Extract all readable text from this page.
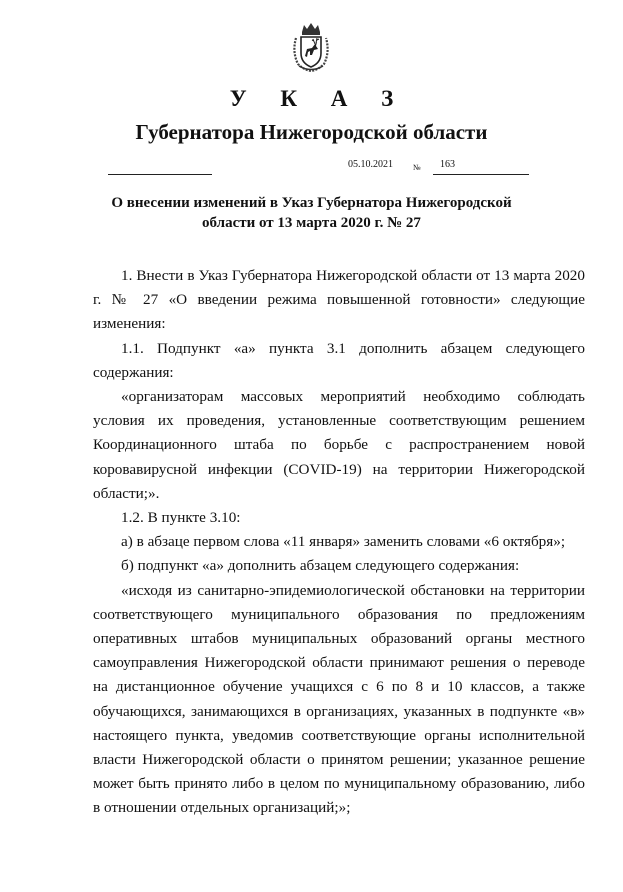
У К А З
Губернатора Нижегородской области
05.10.2021	№ 163
О внесении изменений в Указ Губернатора Нижегородской
области от 13 марта 2020 г. № 27

1. Внести в Указ Губернатора Нижегородской области от 13 марта 2020 г. № 27 «О введении режима повышенной готовности» следующие изменения:

1.1. Подпункт «а» пункта 3.1 дополнить абзацем следующего содержания:

«организаторам массовых мероприятий необходимо соблюдать условия их проведения, установленные соответствующим решением Координационного штаба по борьбе с распространением новой коровавирусной инфекции (COVID-19) на территории Нижегородской области;».

1.2. В пункте 3.10:

а) в абзаце первом слова «11 января» заменить словами «6 октября»;

б) подпункт «а» дополнить абзацем следующего содержания:

«исходя из санитарно-эпидемиологической обстановки на территории соответствующего муниципального образования по предложениям оперативных штабов муниципальных образований органы местного самоуправления Нижегородской области принимают решения о переводе на дистанционное обучение учащихся с 6 по 8 и 10 классов, а также обучающихся, занимающихся в организациях, указанных в подпункте «в» настоящего пункта, уведомив соответствующие органы исполнительной власти Нижегородской области о принятом решении; указанное решение может быть принято либо в целом по муниципальному образованию, либо в отношении отдельных организаций;»;
